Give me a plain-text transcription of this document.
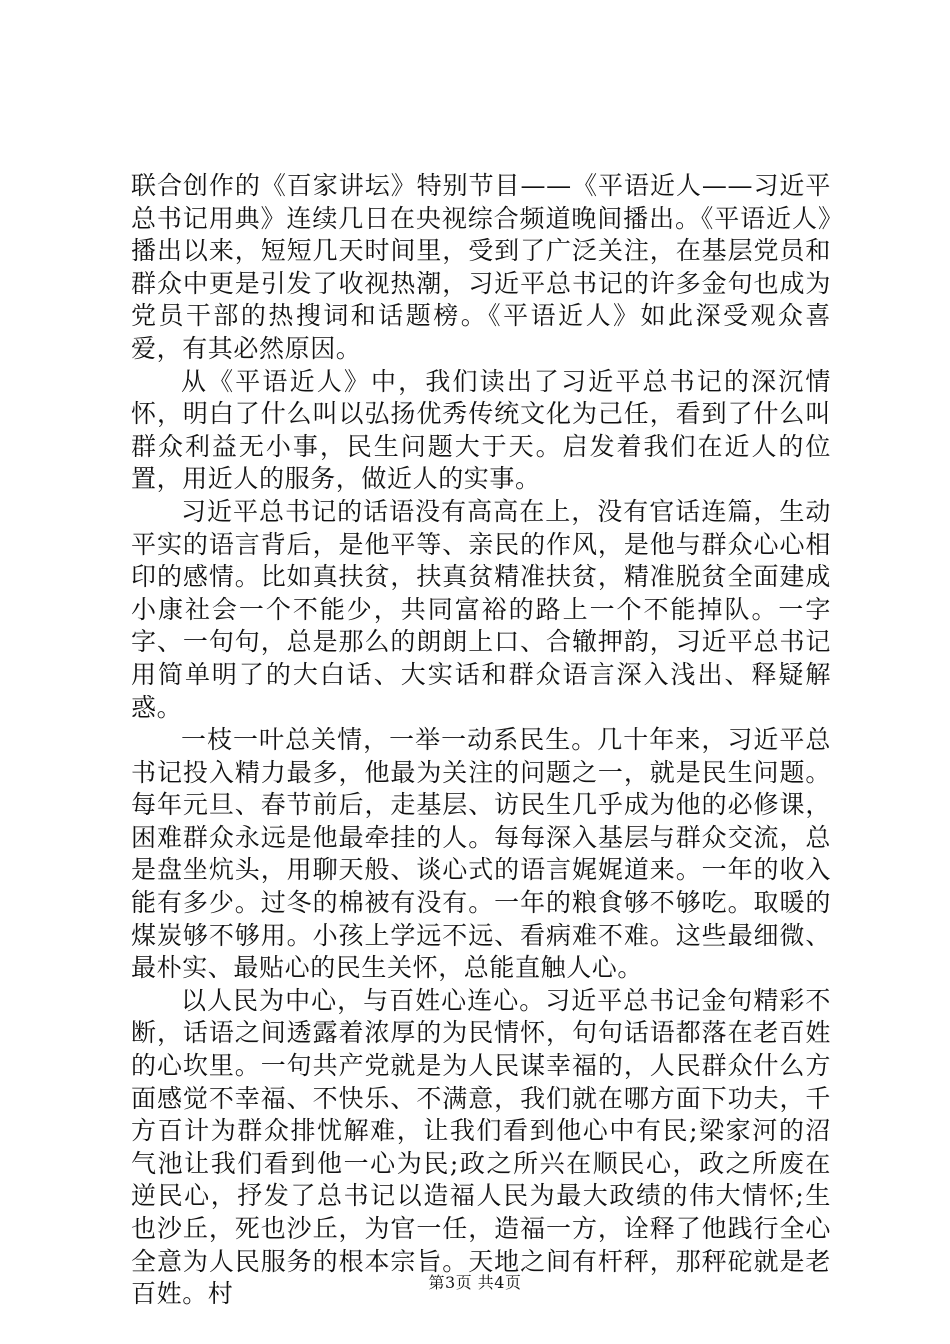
联合创作的《百家讲坛》特别节目——《平语近人——习近平总书记用典》连续几日在央视综合频道晚间播出。《平语近人》播出以来，短短几天时间里，受到了广泛关注，在基层党员和群众中更是引发了收视热潮，习近平总书记的许多金句也成为党员干部的热搜词和话题榜。《平语近人》如此深受观众喜爱，有其必然原因。

从《平语近人》中，我们读出了习近平总书记的深沉情怀，明白了什么叫以弘扬优秀传统文化为己任，看到了什么叫群众利益无小事，民生问题大于天。启发着我们在近人的位置，用近人的服务，做近人的实事。

习近平总书记的话语没有高高在上，没有官话连篇，生动平实的语言背后，是他平等、亲民的作风，是他与群众心心相印的感情。比如真扶贫，扶真贫精准扶贫，精准脱贫全面建成小康社会一个不能少，共同富裕的路上一个不能掉队。一字字、一句句，总是那么的朗朗上口、合辙押韵，习近平总书记用简单明了的大白话、大实话和群众语言深入浅出、释疑解惑。

一枝一叶总关情，一举一动系民生。几十年来，习近平总书记投入精力最多，他最为关注的问题之一，就是民生问题。每年元旦、春节前后，走基层、访民生几乎成为他的必修课，困难群众永远是他最牵挂的人。每每深入基层与群众交流，总是盘坐炕头，用聊天般、谈心式的语言娓娓道来。一年的收入能有多少。过冬的棉被有没有。一年的粮食够不够吃。取暖的煤炭够不够用。小孩上学远不远、看病难不难。这些最细微、最朴实、最贴心的民生关怀，总能直触人心。

以人民为中心，与百姓心连心。习近平总书记金句精彩不断，话语之间透露着浓厚的为民情怀，句句话语都落在老百姓的心坎里。一句共产党就是为人民谋幸福的，人民群众什么方面感觉不幸福、不快乐、不满意，我们就在哪方面下功夫，千方百计为群众排忧解难，让我们看到他心中有民;梁家河的沼气池让我们看到他一心为民;政之所兴在顺民心，政之所废在逆民心，抒发了总书记以造福人民为最大政绩的伟大情怀;生也沙丘，死也沙丘，为官一任，造福一方，诠释了他践行全心全意为人民服务的根本宗旨。天地之间有杆秤，那秤砣就是老百姓。村	第3页 共4页
